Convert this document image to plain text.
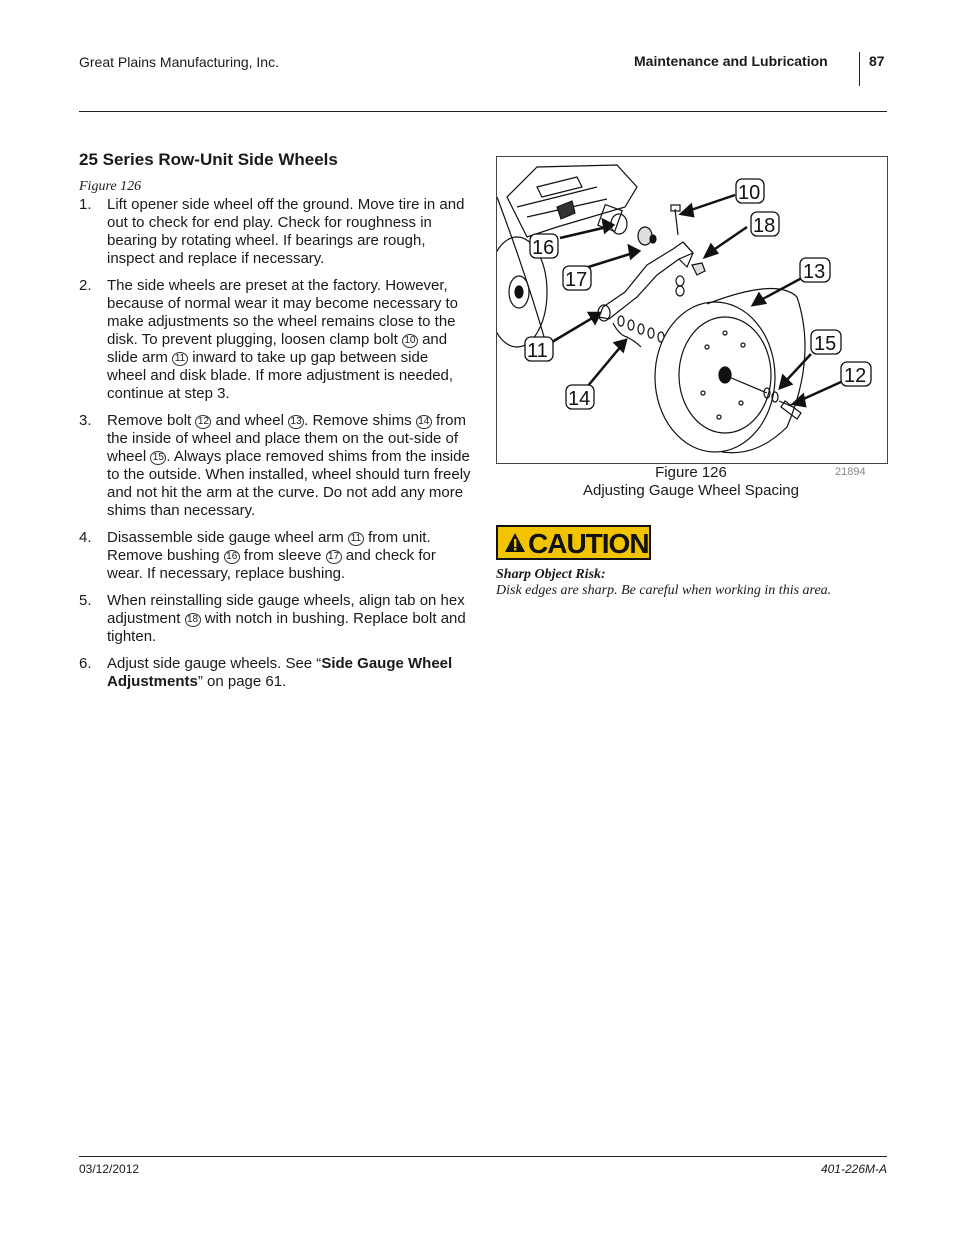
Great Plains Manufacturing, Inc.	Maintenance and Lubrication	87
25 Series Row-Unit Side Wheels
Figure 126
1. Lift opener side wheel off the ground. Move tire in and out to check for end play. Check for roughness in bearing by rotating wheel. If bearings are rough, inspect and replace if necessary.
2. The side wheels are preset at the factory. However, because of normal wear it may become necessary to make adjustments so the wheel remains close to the disk. To prevent plugging, loosen clamp bolt 10 and slide arm 11 inward to take up gap between side wheel and disk blade. If more adjustment is needed, continue at step 3.
3. Remove bolt 12 and wheel 13 . Remove shims 14 from the inside of wheel and place them on the out-side of wheel 15 . Always place removed shims from the inside to the outside. When installed, wheel should turn freely and not hit the arm at the curve. Do not add any more shims than necessary.
4. Disassemble side gauge wheel arm 11 from unit. Remove bushing 16 from sleeve 17 and check for wear. If necessary, replace bushing.
5. When reinstalling side gauge wheels, align tab on hex adjustment 18 with notch in bushing. Replace bolt and tighten.
6. Adjust side gauge wheels. See “Side Gauge Wheel Adjustments” on page 61.
10
18
13
16
17
11
14
15
12
Figure 126
Adjusting Gauge Wheel Spacing
21894
CAUTION
Sharp Object Risk:
Disk edges are sharp. Be careful when working in this area.
03/12/2012	401-226M-A
